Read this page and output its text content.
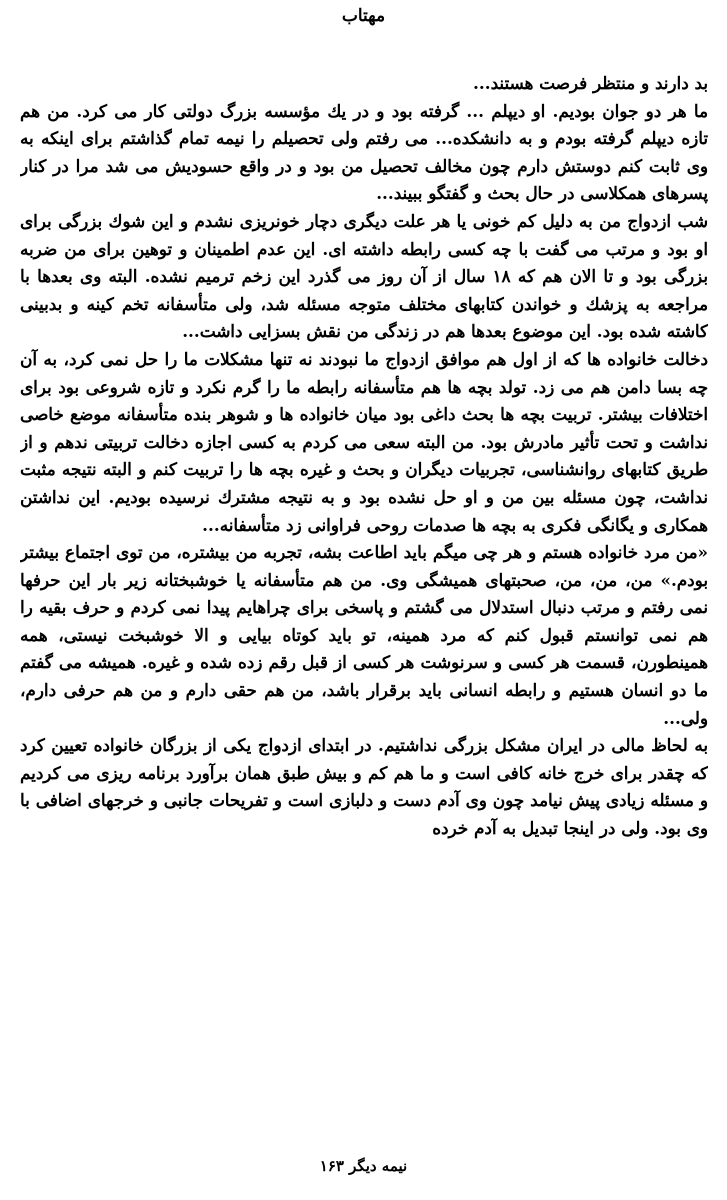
مهتاب

بد دارند و منتظر فرصت هستند...

ما هر دو جوان بودیم. او دیپلم ... گرفته بود و در یك مؤسسه بزرگ دولتی کار می کرد. من هم تازه دیپلم گرفته بودم و به دانشکده... می رفتم ولی تحصیلم را نیمه تمام گذاشتم برای اینکه به وی ثابت کنم دوستش دارم چون مخالف تحصیل من بود و در واقع حسودیش می شد مرا در کنار پسرهای همکلاسی در حال بحث و گفتگو ببیند...

شب ازدواج من به دلیل کم خونی یا هر علت دیگری دچار خونریزی نشدم و این شوك بزرگی برای او بود و مرتب می گفت با چه کسی رابطه داشته ای. این عدم اطمینان و توهین برای من ضربه بزرگی بود و تا الان هم که ۱۸ سال از آن روز می گذرد این زخم ترمیم نشده. البته وی بعدها با مراجعه به پزشك و خواندن کتابهای مختلف متوجه مسئله شد، ولی متأسفانه تخم کینه و بدبینی کاشته شده بود. این موضوع بعدها هم در زندگی من نقش بسزایی داشت...

دخالت خانواده ها که از اول هم موافق ازدواج ما نبودند نه تنها مشکلات ما را حل نمی کرد، به آن چه بسا دامن هم می زد. تولد بچه ها هم متأسفانه رابطه ما را گرم نکرد و تازه شروعی بود برای اختلافات بیشتر. تربیت بچه ها بحث داغی بود میان خانواده ها و شوهر بنده متأسفانه موضع خاصی نداشت و تحت تأثیر مادرش بود. من البته سعی می کردم به کسی اجازه دخالت تربیتی ندهم و از طریق کتابهای روانشناسی، تجربیات دیگران و بحث و غیره بچه ها را تربیت کنم و البته نتیجه مثبت نداشت، چون مسئله بین من و او حل نشده بود و به نتیجه مشترك نرسیده بودیم. این نداشتن همکاری و یگانگی فکری به بچه ها صدمات روحی فراوانی زد متأسفانه...

«من مرد خانواده هستم و هر چی میگم باید اطاعت بشه، تجربه من بیشتره، من توی اجتماع بیشتر بودم.» من، من، من، صحبتهای همیشگی وی. من هم متأسفانه یا خوشبختانه زیر بار این حرفها نمی رفتم و مرتب دنبال استدلال می گشتم و پاسخی برای چراهایم پیدا نمی کردم و حرف بقیه را هم نمی توانستم قبول کنم که مرد همینه، تو باید کوتاه بیایی و الا خوشبخت نیستی، همه همینطورن، قسمت هر کسی و سرنوشت هر کسی از قبل رقم زده شده و غیره. همیشه می گفتم ما دو انسان هستیم و رابطه انسانی باید برقرار باشد، من هم حقی دارم و من هم حرفی دارم، ولی...

به لحاظ مالی در ایران مشکل بزرگی نداشتیم. در ابتدای ازدواج یکی از بزرگان خانواده تعیین کرد که چقدر برای خرج خانه کافی است و ما هم کم و بیش طبق همان برآورد برنامه ریزی می کردیم و مسئله زیادی پیش نیامد چون وی آدم دست و دلبازی است و تفریحات جانبی و خرجهای اضافی با وی بود. ولی در اینجا تبدیل به آدم خرده

نیمه دیگر ۱۶۳
